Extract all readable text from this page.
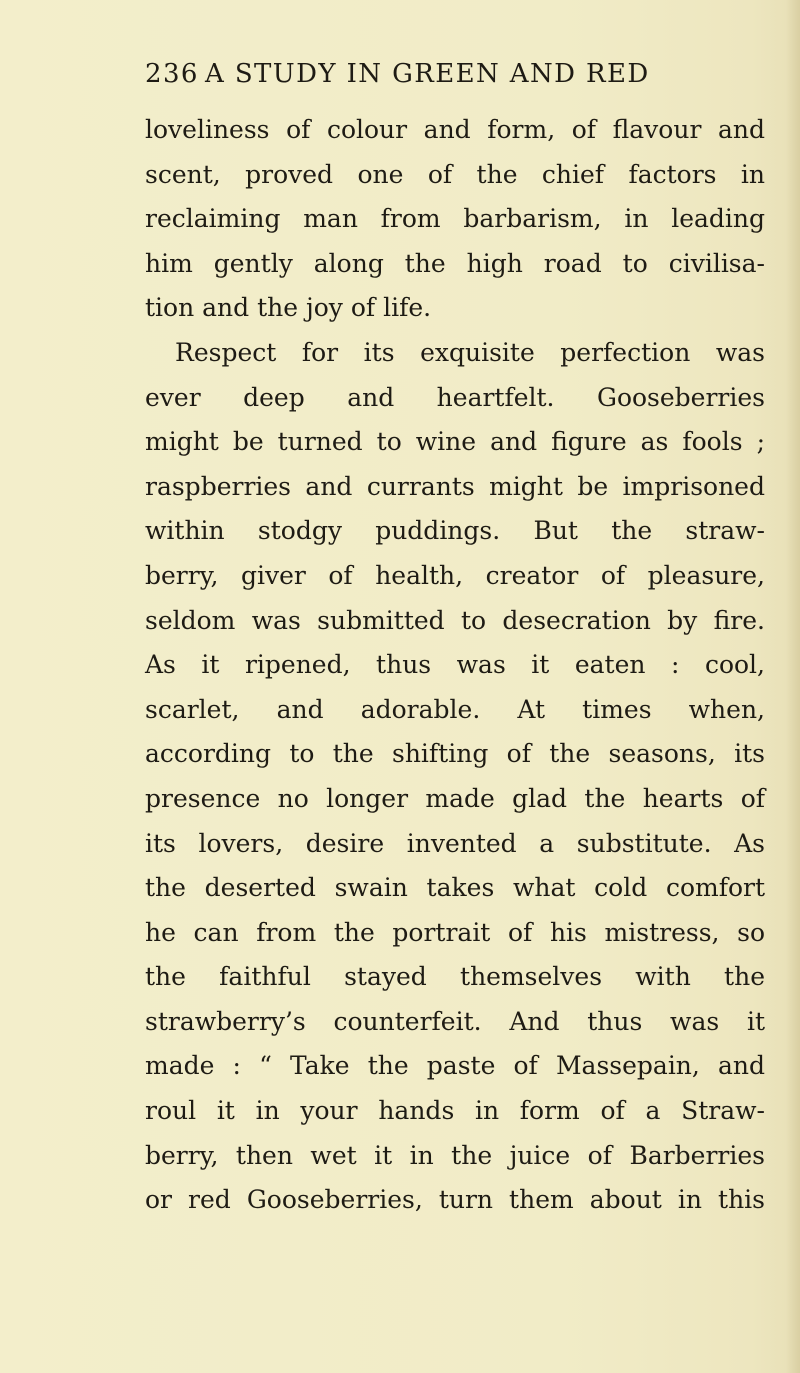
236 A STUDY IN GREEN AND RED
loveliness of colour and form, of flavour and
scent, proved one of the chief factors in
reclaiming man from barbarism, in leading
him gently along the high road to civilisa-
tion and the joy of life.
Respect for its exquisite perfection was
ever deep and heartfelt. Gooseberries
might be turned to wine and figure as fools ;
raspberries and currants might be imprisoned
within stodgy puddings. But the straw-
berry, giver of health, creator of pleasure,
seldom was submitted to desecration by fire.
As it ripened, thus was it eaten : cool,
scarlet, and adorable. At times when,
according to the shifting of the seasons, its
presence no longer made glad the hearts of
its lovers, desire invented a substitute. As
the deserted swain takes what cold comfort
he can from the portrait of his mistress, so
the faithful stayed themselves with the
strawberry’s counterfeit. And thus was it
made : “ Take the paste of Massepain, and
roul it in your hands in form of a Straw-
berry, then wet it in the juice of Barberries
or red Gooseberries, turn them about in this
